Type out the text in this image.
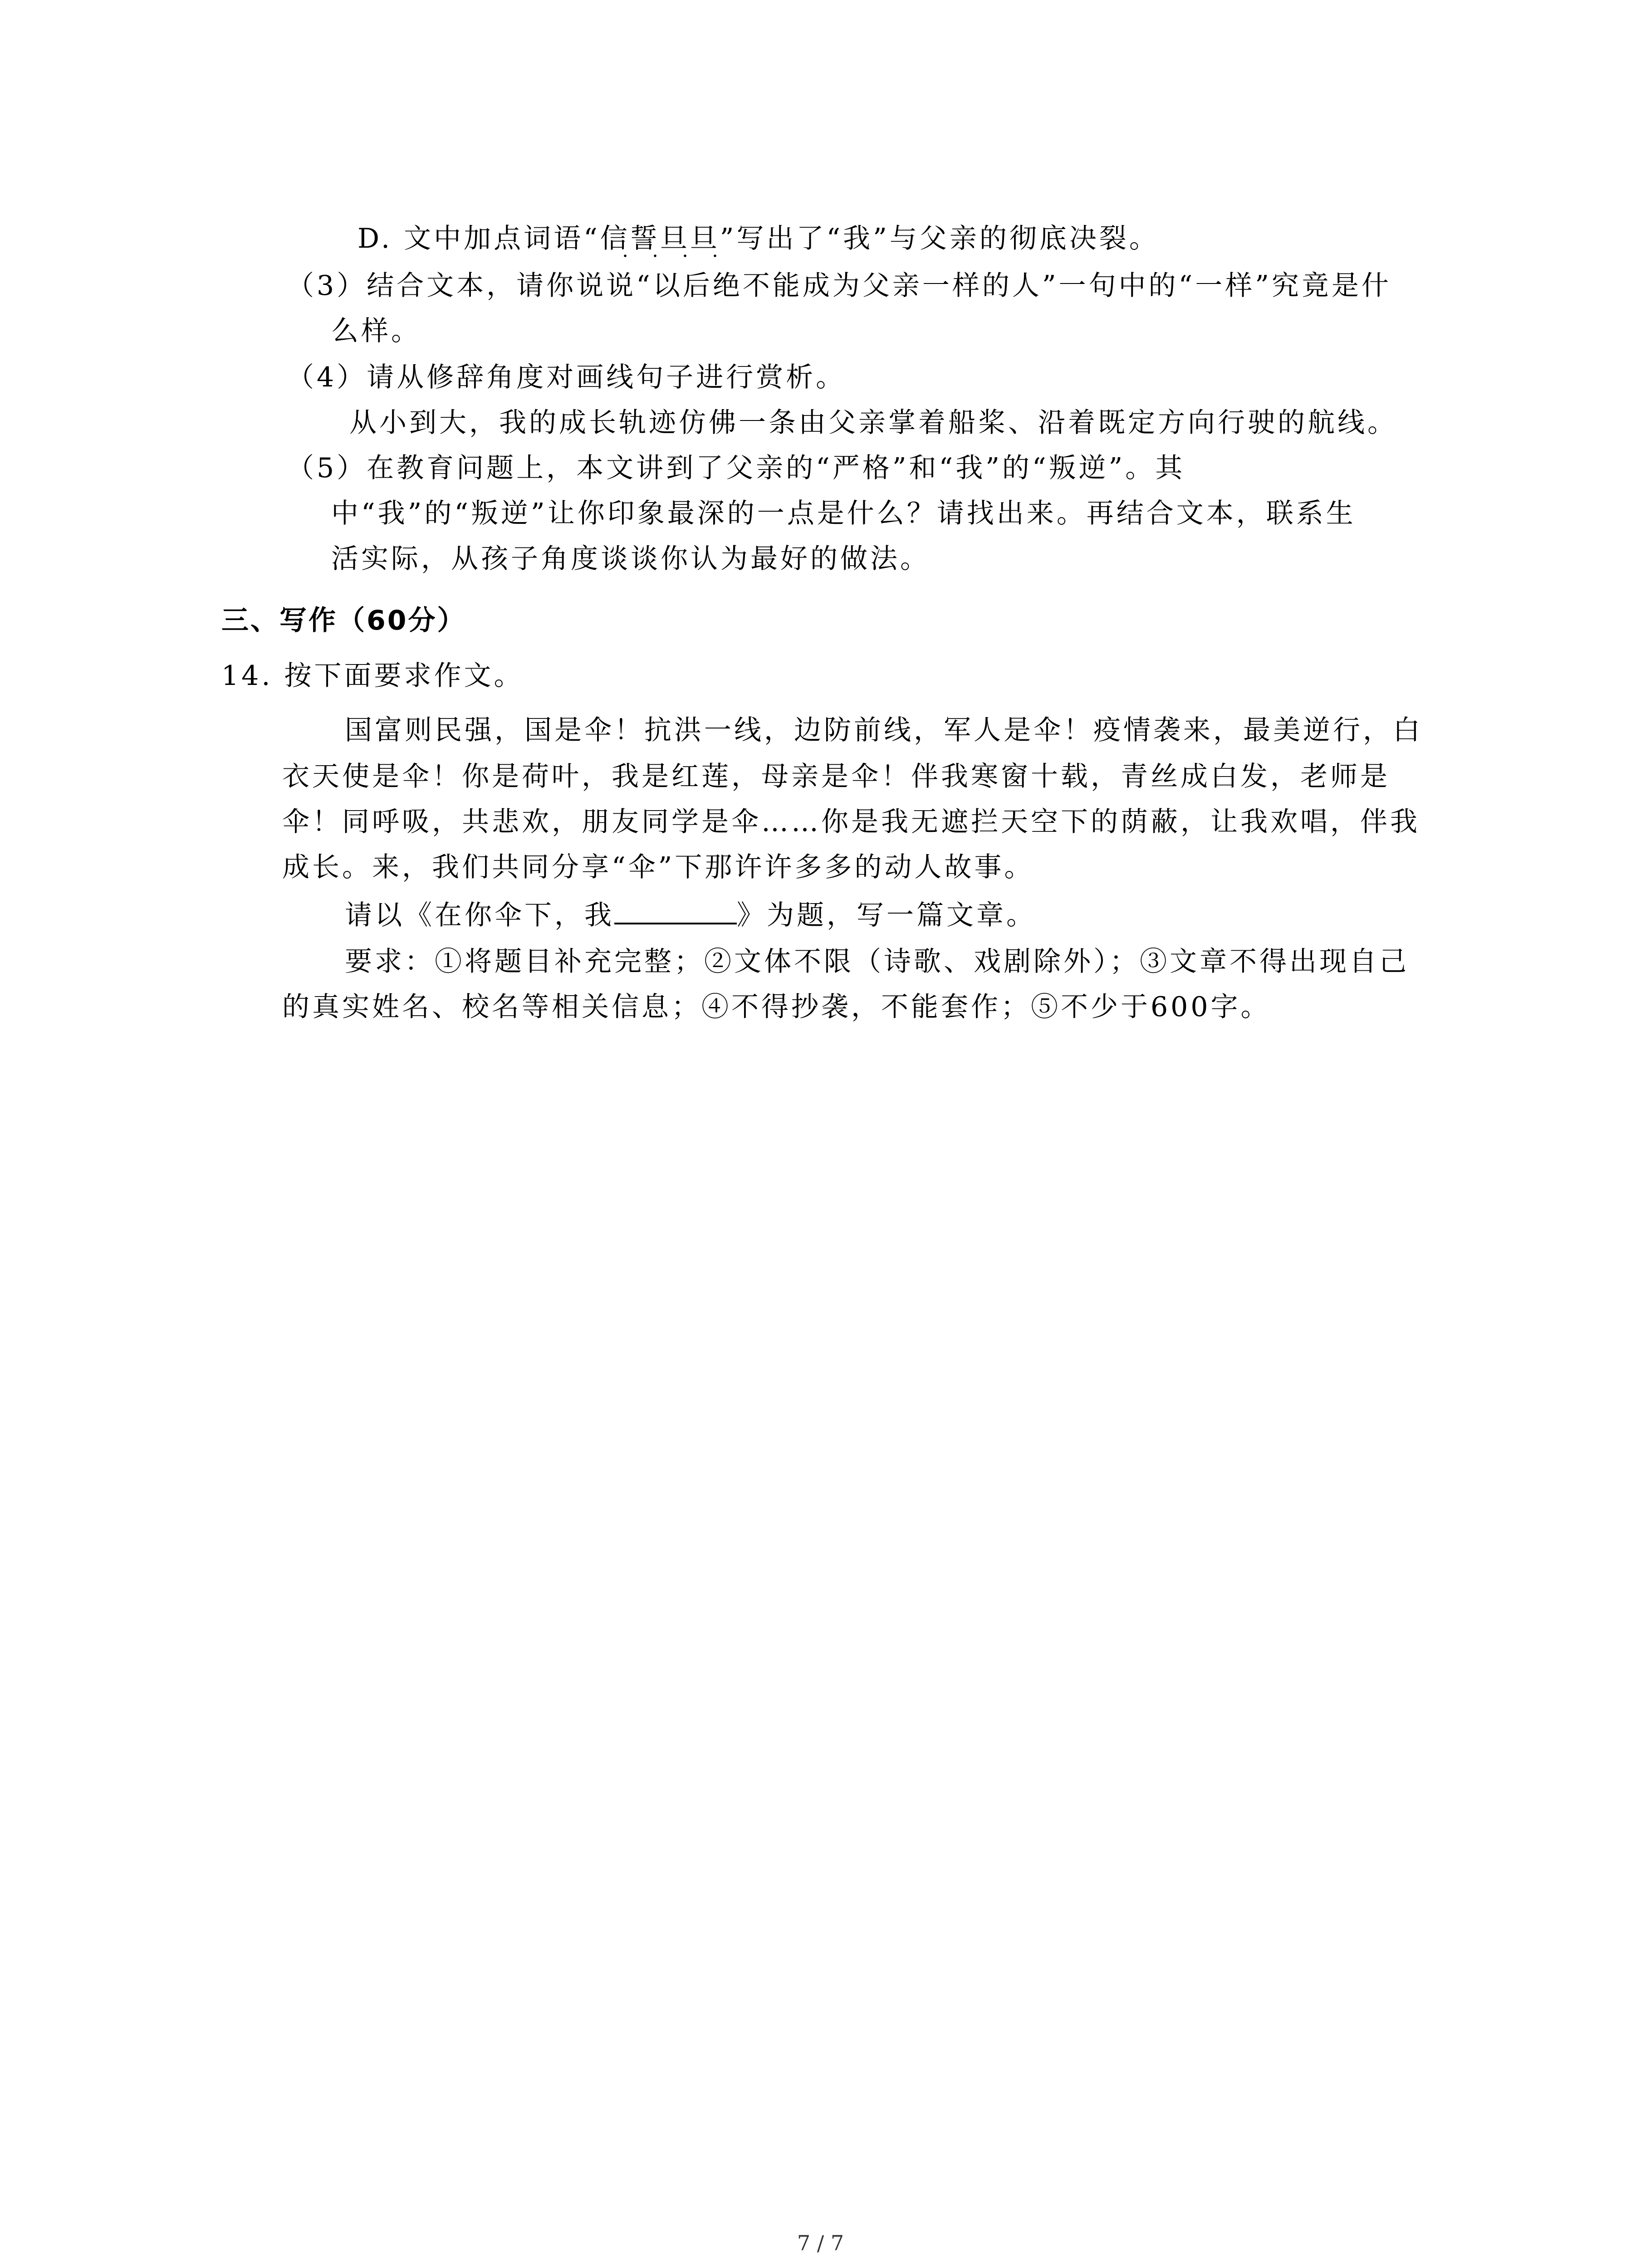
D. 文中加点词语“信誓旦旦”写出了“我”与父亲的彻底决裂。
（3）结合文本，请你说说“以后绝不能成为父亲一样的人”一句中的“一样”究竟是什
么样。
（4）请从修辞角度对画线句子进行赏析。
从小到大，我的成长轨迹仿佛一条由父亲掌着船桨、沿着既定方向行驶的航线。
（5）在教育问题上，本文讲到了父亲的“严格”和“我”的“叛逆”。其
中“我”的“叛逆”让你印象最深的一点是什么？请找出来。再结合文本，联系生
活实际，从孩子角度谈谈你认为最好的做法。
三、写作（60分）
14. 按下面要求作文。
国富则民强，国是伞！抗洪一线，边防前线，军人是伞！疫情袭来，最美逆行，白
衣天使是伞！你是荷叶，我是红莲，母亲是伞！伴我寒窗十载，青丝成白发，老师是
伞！同呼吸，共悲欢，朋友同学是伞……你是我无遮拦天空下的荫蔽，让我欢唱，伴我
成长。来，我们共同分享“伞”下那许许多多的动人故事。
请以《在你伞下，我	》为题，写一篇文章。
要求：①将题目补充完整；②文体不限（诗歌、戏剧除外）；③文章不得出现自己
的真实姓名、校名等相关信息；④不得抄袭，不能套作；⑤不少于600字。
7 / 7
